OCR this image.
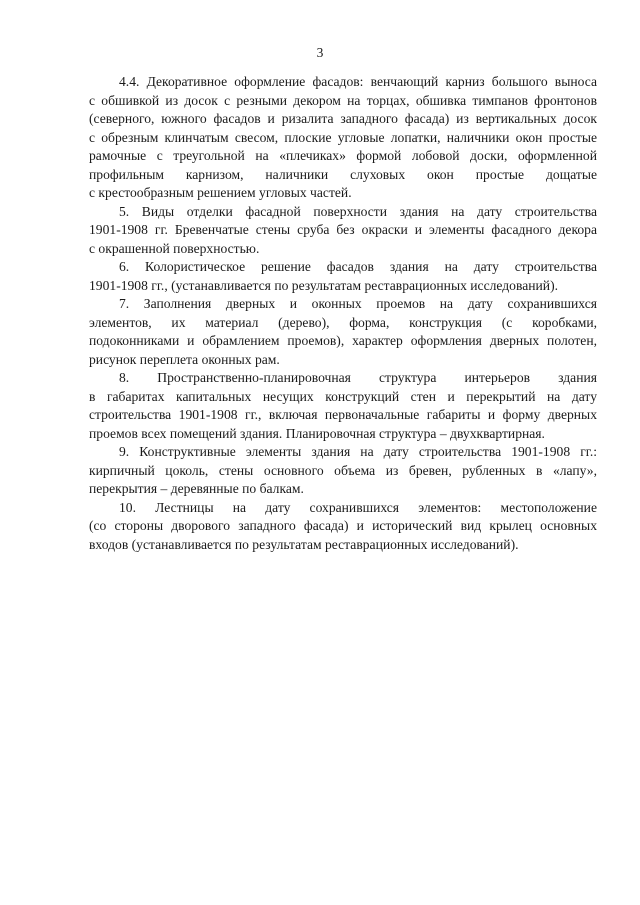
3
4.4. Декоративное оформление фасадов: венчающий карниз большого выноса
с обшивкой из досок с резными декором на торцах, обшивка тимпанов фронтонов
(северного, южного фасадов и ризалита западного фасада) из вертикальных досок
с обрезным клинчатым свесом, плоские угловые лопатки, наличники окон простые
рамочные с треугольной на «плечиках» формой лобовой доски, оформленной
профильным карнизом, наличники слуховых окон простые дощатые
с крестообразным решением угловых частей.
5. Виды отделки фасадной поверхности здания на дату строительства
1901-1908 гг. Бревенчатые стены сруба без окраски и элементы фасадного декора
с окрашенной поверхностью.
6. Колористическое решение фасадов здания на дату строительства
1901-1908 гг., (устанавливается по результатам реставрационных исследований).
7. Заполнения дверных и оконных проемов на дату сохранившихся
элементов, их материал (дерево), форма, конструкция (с коробками,
подоконниками и обрамлением проемов), характер оформления дверных полотен,
рисунок переплета оконных рам.
8. Пространственно-планировочная структура интерьеров здания
в габаритах капитальных несущих конструкций стен и перекрытий на дату
строительства 1901-1908 гг., включая первоначальные габариты и форму дверных
проемов всех помещений здания. Планировочная структура – двухквартирная.
9. Конструктивные элементы здания на дату строительства 1901-1908 гг.:
кирпичный цоколь, стены основного объема из бревен, рубленных в «лапу»,
перекрытия – деревянные по балкам.
10. Лестницы на дату сохранившихся элементов: местоположение
(со стороны дворового западного фасада) и исторический вид крылец основных
входов (устанавливается по результатам реставрационных исследований).
